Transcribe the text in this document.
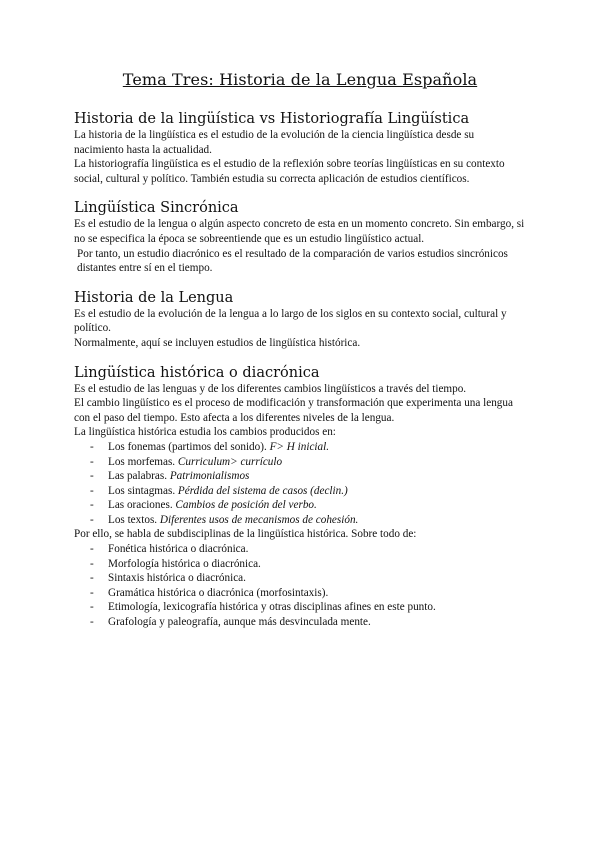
Tema Tres: Historia de la Lengua Española
Historia de la lingüística vs Historiografía Lingüística

La historia de la lingüística es el estudio de la evolución de la ciencia lingüística desde su nacimiento hasta la actualidad.

La historiografía lingüística es el estudio de la reflexión sobre teorías lingüísticas en su contexto social, cultural y político. También estudia su correcta aplicación de estudios científicos.

Lingüística Sincrónica

Es el estudio de la lengua o algún aspecto concreto de esta en un momento concreto. Sin embargo, si no se especifica la época se sobreentiende que es un estudio lingüístico actual.

Por tanto, un estudio diacrónico es el resultado de la comparación de varios estudios sincrónicos distantes entre sí en el tiempo.

Historia de la Lengua

Es el estudio de la evolución de la lengua a lo largo de los siglos en su contexto social, cultural y político.

Normalmente, aquí se incluyen estudios de lingüística histórica.

Lingüística histórica o diacrónica

Es el estudio de las lenguas y de los diferentes cambios lingüísticos a través del tiempo.

El cambio lingüístico es el proceso de modificación y transformación que experimenta una lengua con el paso del tiempo. Esto afecta a los diferentes niveles de la lengua.

La lingüística histórica estudia los cambios producidos en:

- Los fonemas (partimos del sonido). F> H inicial.
- Los morfemas. Curriculum> currículo
- Las palabras. Patrimonialismos
- Los sintagmas. Pérdida del sistema de casos (declin.)
- Las oraciones. Cambios de posición del verbo.
- Los textos. Diferentes usos de mecanismos de cohesión.

Por ello, se habla de subdisciplinas de la lingüística histórica. Sobre todo de:

- Fonética histórica o diacrónica.
- Morfología histórica o diacrónica.
- Sintaxis histórica o diacrónica.
- Gramática histórica o diacrónica (morfosintaxis).
- Etimología, lexicografía histórica y otras disciplinas afines en este punto.
- Grafología y paleografía, aunque más desvinculada mente.
